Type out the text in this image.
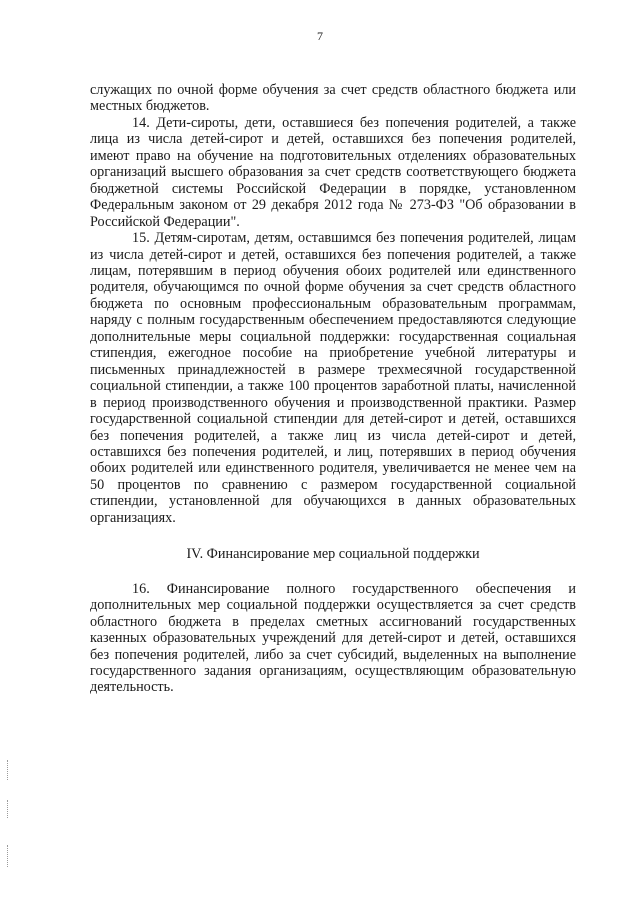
7

служащих по очной форме обучения за счет средств областного бюджета или местных бюджетов.

14. Дети-сироты, дети, оставшиеся без попечения родителей, а также лица из числа детей-сирот и детей, оставшихся без попечения родителей, имеют право на обучение на подготовительных отделениях образовательных организаций высшего образования за счет средств соответствующего бюджета бюджетной системы Российской Федерации в порядке, установленном Федеральным законом от 29 декабря 2012 года № 273-ФЗ "Об образовании в Российской Федерации".

15. Детям-сиротам, детям, оставшимся без попечения родителей, лицам из числа детей-сирот и детей, оставшихся без попечения родителей, а также лицам, потерявшим в период обучения обоих родителей или единственного родителя, обучающимся по очной форме обучения за счет средств областного бюджета по основным профессиональным образовательным программам, наряду с полным государственным обеспечением предоставляются следующие дополнительные меры социальной поддержки: государственная социальная стипендия, ежегодное пособие на приобретение учебной литературы и письменных принадлежностей в размере трехмесячной государственной социальной стипендии, а также 100 процентов заработной платы, начисленной в период производственного обучения и производственной практики. Размер государственной социальной стипендии для детей-сирот и детей, оставшихся без попечения родителей, а также лиц из числа детей-сирот и детей, оставшихся без попечения родителей, и лиц, потерявших в период обучения обоих родителей или единственного родителя, увеличивается не менее чем на 50 процентов по сравнению с размером государственной социальной стипендии, установленной для обучающихся в данных образовательных организациях.

IV. Финансирование мер социальной поддержки

16. Финансирование полного государственного обеспечения и дополнительных мер социальной поддержки осуществляется за счет средств областного бюджета в пределах сметных ассигнований государственных казенных образовательных учреждений для детей-сирот и детей, оставшихся без попечения родителей, либо за счет субсидий, выделенных на выполнение государственного задания организациям, осуществляющим образовательную деятельность.
